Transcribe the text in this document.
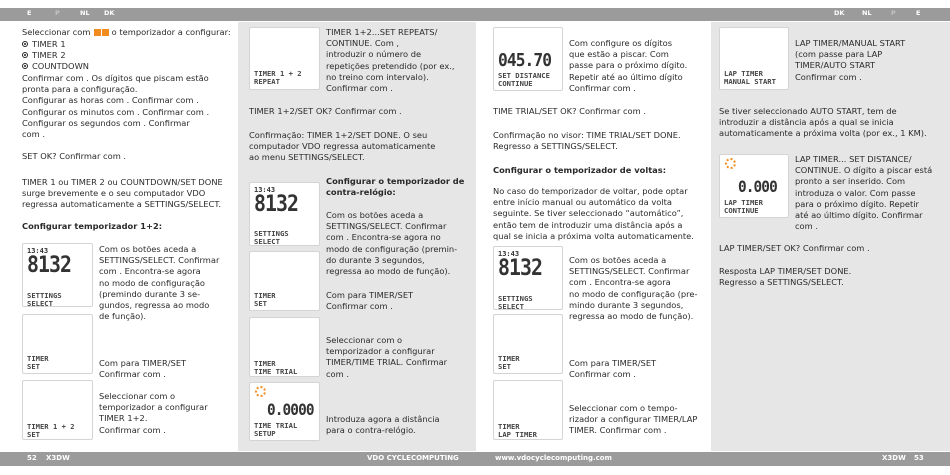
E	P	NL DK	DK	NL	P	E
Seleccionar com  o temporizador a configurar:
TIMER 1
TIMER 2
COUNTDOWN
Confirmar com . Os dígitos que piscam estão
pronta para a configuração.
Configurar as horas com . Confirmar com .
Configurar os minutos com . Confirmar com .
Configurar os segundos com . Confirmar
com .
SET OK? Confirmar com .
TIMER 1 ou TIMER 2 ou COUNTDOWN/SET DONE
surge brevemente e o seu computador VDO
regressa automaticamente a SETTINGS/SELECT.
Configurar temporizador 1+2:
13:43
8132
SETTINGS
SELECT
Com os botões aceda a
SETTINGS/SELECT. Confirmar
com . Encontra-se agora
no modo de configuração
(premindo durante 3 se-
gundos, regressa ao modo
de função).
TIMER
SET	Com para TIMER/SET
Confirmar com .
TIMER 1 + 2
SET
Seleccionar com o
temporizador a configurar
TIMER 1+2.
Confirmar com .
TIMER 1 + 2
REPEAT
TIMER 1+2...SET REPEATS/
CONTINUE. Com ,
introduzir o número de
repetições pretendido (por ex.,
no treino com intervalo).
Confirmar com .
TIMER 1+2/SET OK? Confirmar com .
Confirmação: TIMER 1+2/SET DONE. O seu
computador VDO regressa automaticamente
ao menu SETTINGS/SELECT.
13:43
8132
SETTINGS
SELECT
Configurar o temporizador de
contra-relógio:
Com os botões aceda a
SETTINGS/SELECT. Confirmar
com . Encontra-se agora no
modo de configuração (premin-
do durante 3 segundos,
regressa ao modo de função).
TIMER
SET
Com para TIMER/SET
Confirmar com .
TIMER
TIME TRIAL
Seleccionar com o
temporizador a configurar
TIMER/TIME TRIAL. Confirmar
com .
0.0000
TIME TRIAL
SETUP
Introduza agora a distância
para o contra-relógio.
045.70
SET DISTANCE
CONTINUE
Com configure os dígitos
que estão a piscar. Com
passe para o próximo dígito.
Repetir até ao último dígito
Confirmar com .
TIME TRIAL/SET OK? Confirmar com .
Confirmação no visor: TIME TRIAL/SET DONE.
Regresso a SETTINGS/SELECT.
Configurar o temporizador de voltas:
No caso do temporizador de voltar, pode optar
entre início manual ou automático da volta
seguinte. Se tiver seleccionado “automático”,
então tem de introduzir uma distância após a
qual se inicia a próxima volta automaticamente.
13:43
8132
SETTINGS
SELECT
Com os botões aceda a
SETTINGS/SELECT. Confirmar
com . Encontra-se agora
no modo de configuração (pre-
mindo durante 3 segundos,
regressa ao modo de função).
TIMER
SET	Com para TIMER/SET
Confirmar com .
TIMER
LAP TIMER
Seleccionar com o tempo-
rizador a configurar TIMER/LAP
TIMER. Confirmar com .
LAP TIMER
MANUAL START
LAP TIMER/MANUAL START
(com passe para LAP
TIMER/AUTO START
Confirmar com .
Se tiver seleccionado AUTO START, tem de
introduzir a distância após a qual se inicia
automaticamente a próxima volta (por ex., 1 KM).
0.000
LAP TIMER
CONTINUE
LAP TIMER... SET DISTANCE/
CONTINUE. O dígito a piscar está
pronto a ser inserido. Com
introduza o valor. Com passe
para o próximo dígito. Repetir
até ao último dígito. Confirmar
com .
LAP TIMER/SET OK? Confirmar com .
Resposta LAP TIMER/SET DONE.
Regresso a SETTINGS/SELECT.
52 X3DW	VDO CYCLECOMPUTING	www.vdocyclecomputing.com	X3DW 53
